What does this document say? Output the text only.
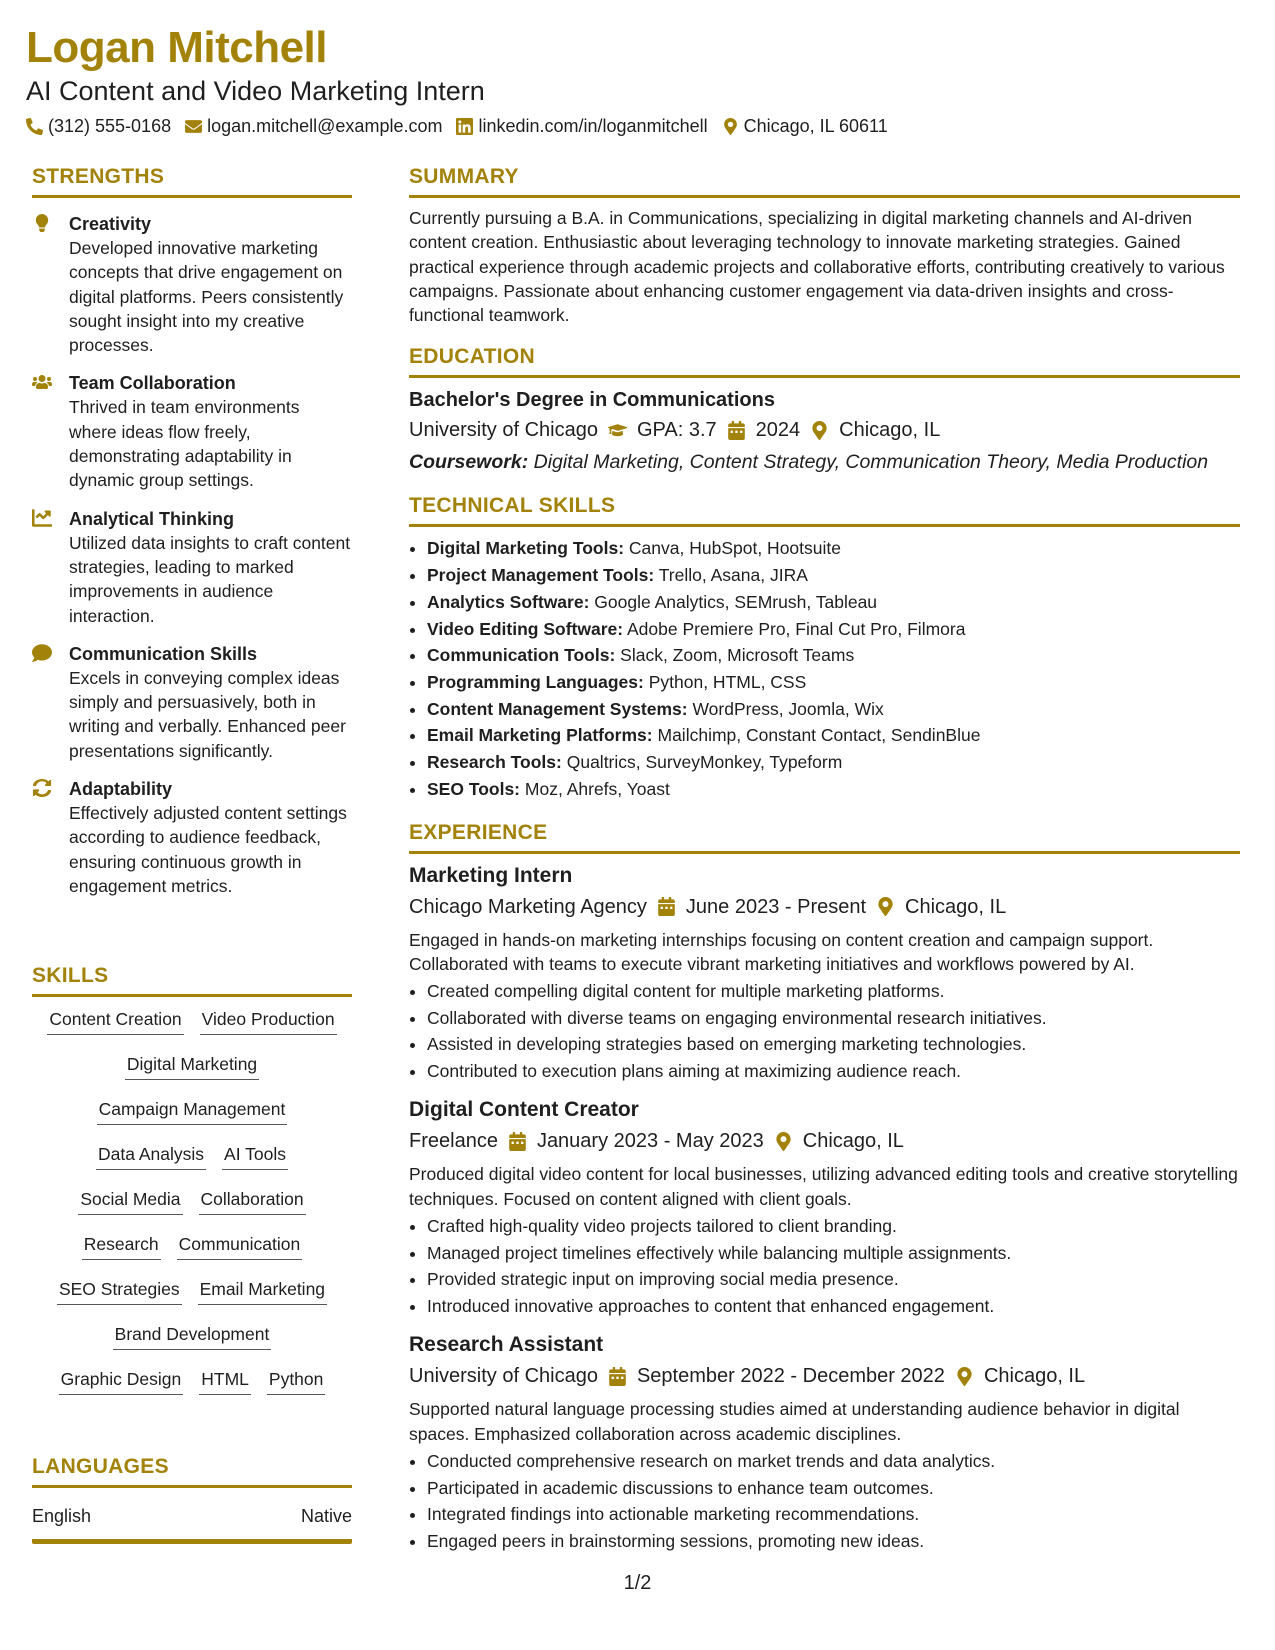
Logan Mitchell

AI Content and Video Marketing Intern

(312) 555-0168 logan.mitchell@example.com linkedin.com/in/loganmitchell Chicago, IL 60611
STRENGTHS
Creativity
Developed innovative marketing concepts that drive engagement on digital platforms. Peers consistently sought insight into my creative processes.
Team Collaboration
Thrived in team environments where ideas flow freely, demonstrating adaptability in dynamic group settings.
Analytical Thinking
Utilized data insights to craft content strategies, leading to marked improvements in audience interaction.
Communication Skills
Excels in conveying complex ideas simply and persuasively, both in writing and verbally. Enhanced peer presentations significantly.
Adaptability
Effectively adjusted content settings according to audience feedback, ensuring continuous growth in engagement metrics.
SKILLS
Content Creation Video Production
Digital Marketing
Campaign Management
Data Analysis AI Tools
Social Media Collaboration
Research Communication
SEO Strategies Email Marketing
Brand Development
Graphic Design HTML Python
LANGUAGES
English	Native
SUMMARY

Currently pursuing a B.A. in Communications, specializing in digital marketing channels and AI-driven content creation. Enthusiastic about leveraging technology to innovate marketing strategies. Gained practical experience through academic projects and collaborative efforts, contributing creatively to various campaigns. Passionate about enhancing customer engagement via data-driven insights and cross-functional teamwork.

EDUCATION
Bachelor's Degree in Communications
University of Chicago GPA: 3.7 2024 Chicago, IL
Coursework: Digital Marketing, Content Strategy, Communication Theory, Media Production
TECHNICAL SKILLS
• Digital Marketing Tools: Canva, HubSpot, Hootsuite
• Project Management Tools: Trello, Asana, JIRA
• Analytics Software: Google Analytics, SEMrush, Tableau
• Video Editing Software: Adobe Premiere Pro, Final Cut Pro, Filmora
• Communication Tools: Slack, Zoom, Microsoft Teams
• Programming Languages: Python, HTML, CSS
• Content Management Systems: WordPress, Joomla, Wix
• Email Marketing Platforms: Mailchimp, Constant Contact, SendinBlue
• Research Tools: Qualtrics, SurveyMonkey, Typeform
• SEO Tools: Moz, Ahrefs, Yoast
EXPERIENCE
Marketing Intern
Chicago Marketing Agency June 2023 - Present Chicago, IL

Engaged in hands-on marketing internships focusing on content creation and campaign support. Collaborated with teams to execute vibrant marketing initiatives and workflows powered by AI.

• Created compelling digital content for multiple marketing platforms.
• Collaborated with diverse teams on engaging environmental research initiatives.
• Assisted in developing strategies based on emerging marketing technologies.
• Contributed to execution plans aiming at maximizing audience reach.
Digital Content Creator
Freelance January 2023 - May 2023 Chicago, IL

Produced digital video content for local businesses, utilizing advanced editing tools and creative storytelling techniques. Focused on content aligned with client goals.

• Crafted high-quality video projects tailored to client branding.
• Managed project timelines effectively while balancing multiple assignments.
• Provided strategic input on improving social media presence.
• Introduced innovative approaches to content that enhanced engagement.
Research Assistant
University of Chicago September 2022 - December 2022 Chicago, IL

Supported natural language processing studies aimed at understanding audience behavior in digital spaces. Emphasized collaboration across academic disciplines.

• Conducted comprehensive research on market trends and data analytics.
• Participated in academic discussions to enhance team outcomes.
• Integrated findings into actionable marketing recommendations.
• Engaged peers in brainstorming sessions, promoting new ideas.
1/2
